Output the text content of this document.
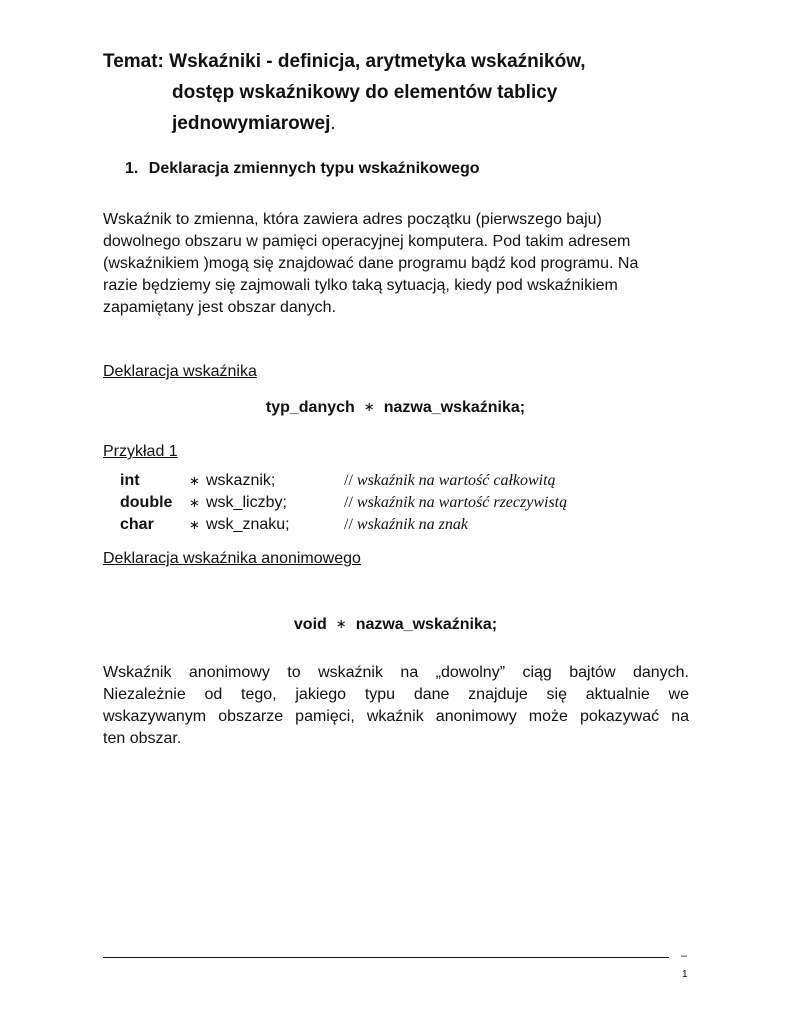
Temat: Wskaźniki - definicja, arytmetyka wskaźników,
dostęp wskaźnikowy do elementów tablicy
jednowymiarowej.
1. Deklaracja zmiennych typu wskaźnikowego
Wskaźnik to zmienna, która zawiera adres początku (pierwszego baju)
dowolnego obszaru w pamięci operacyjnej komputera. Pod takim adresem
(wskaźnikiem )mogą się znajdować dane programu bądź kod programu. Na
razie będziemy się zajmowali tylko taką sytuacją, kiedy pod wskaźnikiem
zapamiętany jest obszar danych.
Deklaracja wskaźnika
typ_danych ∗ nazwa_wskaźnika;
Przykład 1
int	∗ wskaznik;	// wskaźnik na wartość całkowitą
double ∗ wsk_liczby;	// wskaźnik na wartość rzeczywistą
char	∗ wsk_znaku;	// wskaźnik na znak
Deklaracja wskaźnika anonimowego
void ∗ nazwa_wskaźnika;
Wskaźnik anonimowy to wskaźnik na „dowolny” ciąg bajtów danych.
Niezależnie od tego, jakiego typu dane znajduje się aktualnie we
wskazywanym obszarze pamięci, wkaźnik anonimowy może pokazywać na
ten obszar.
–
1
